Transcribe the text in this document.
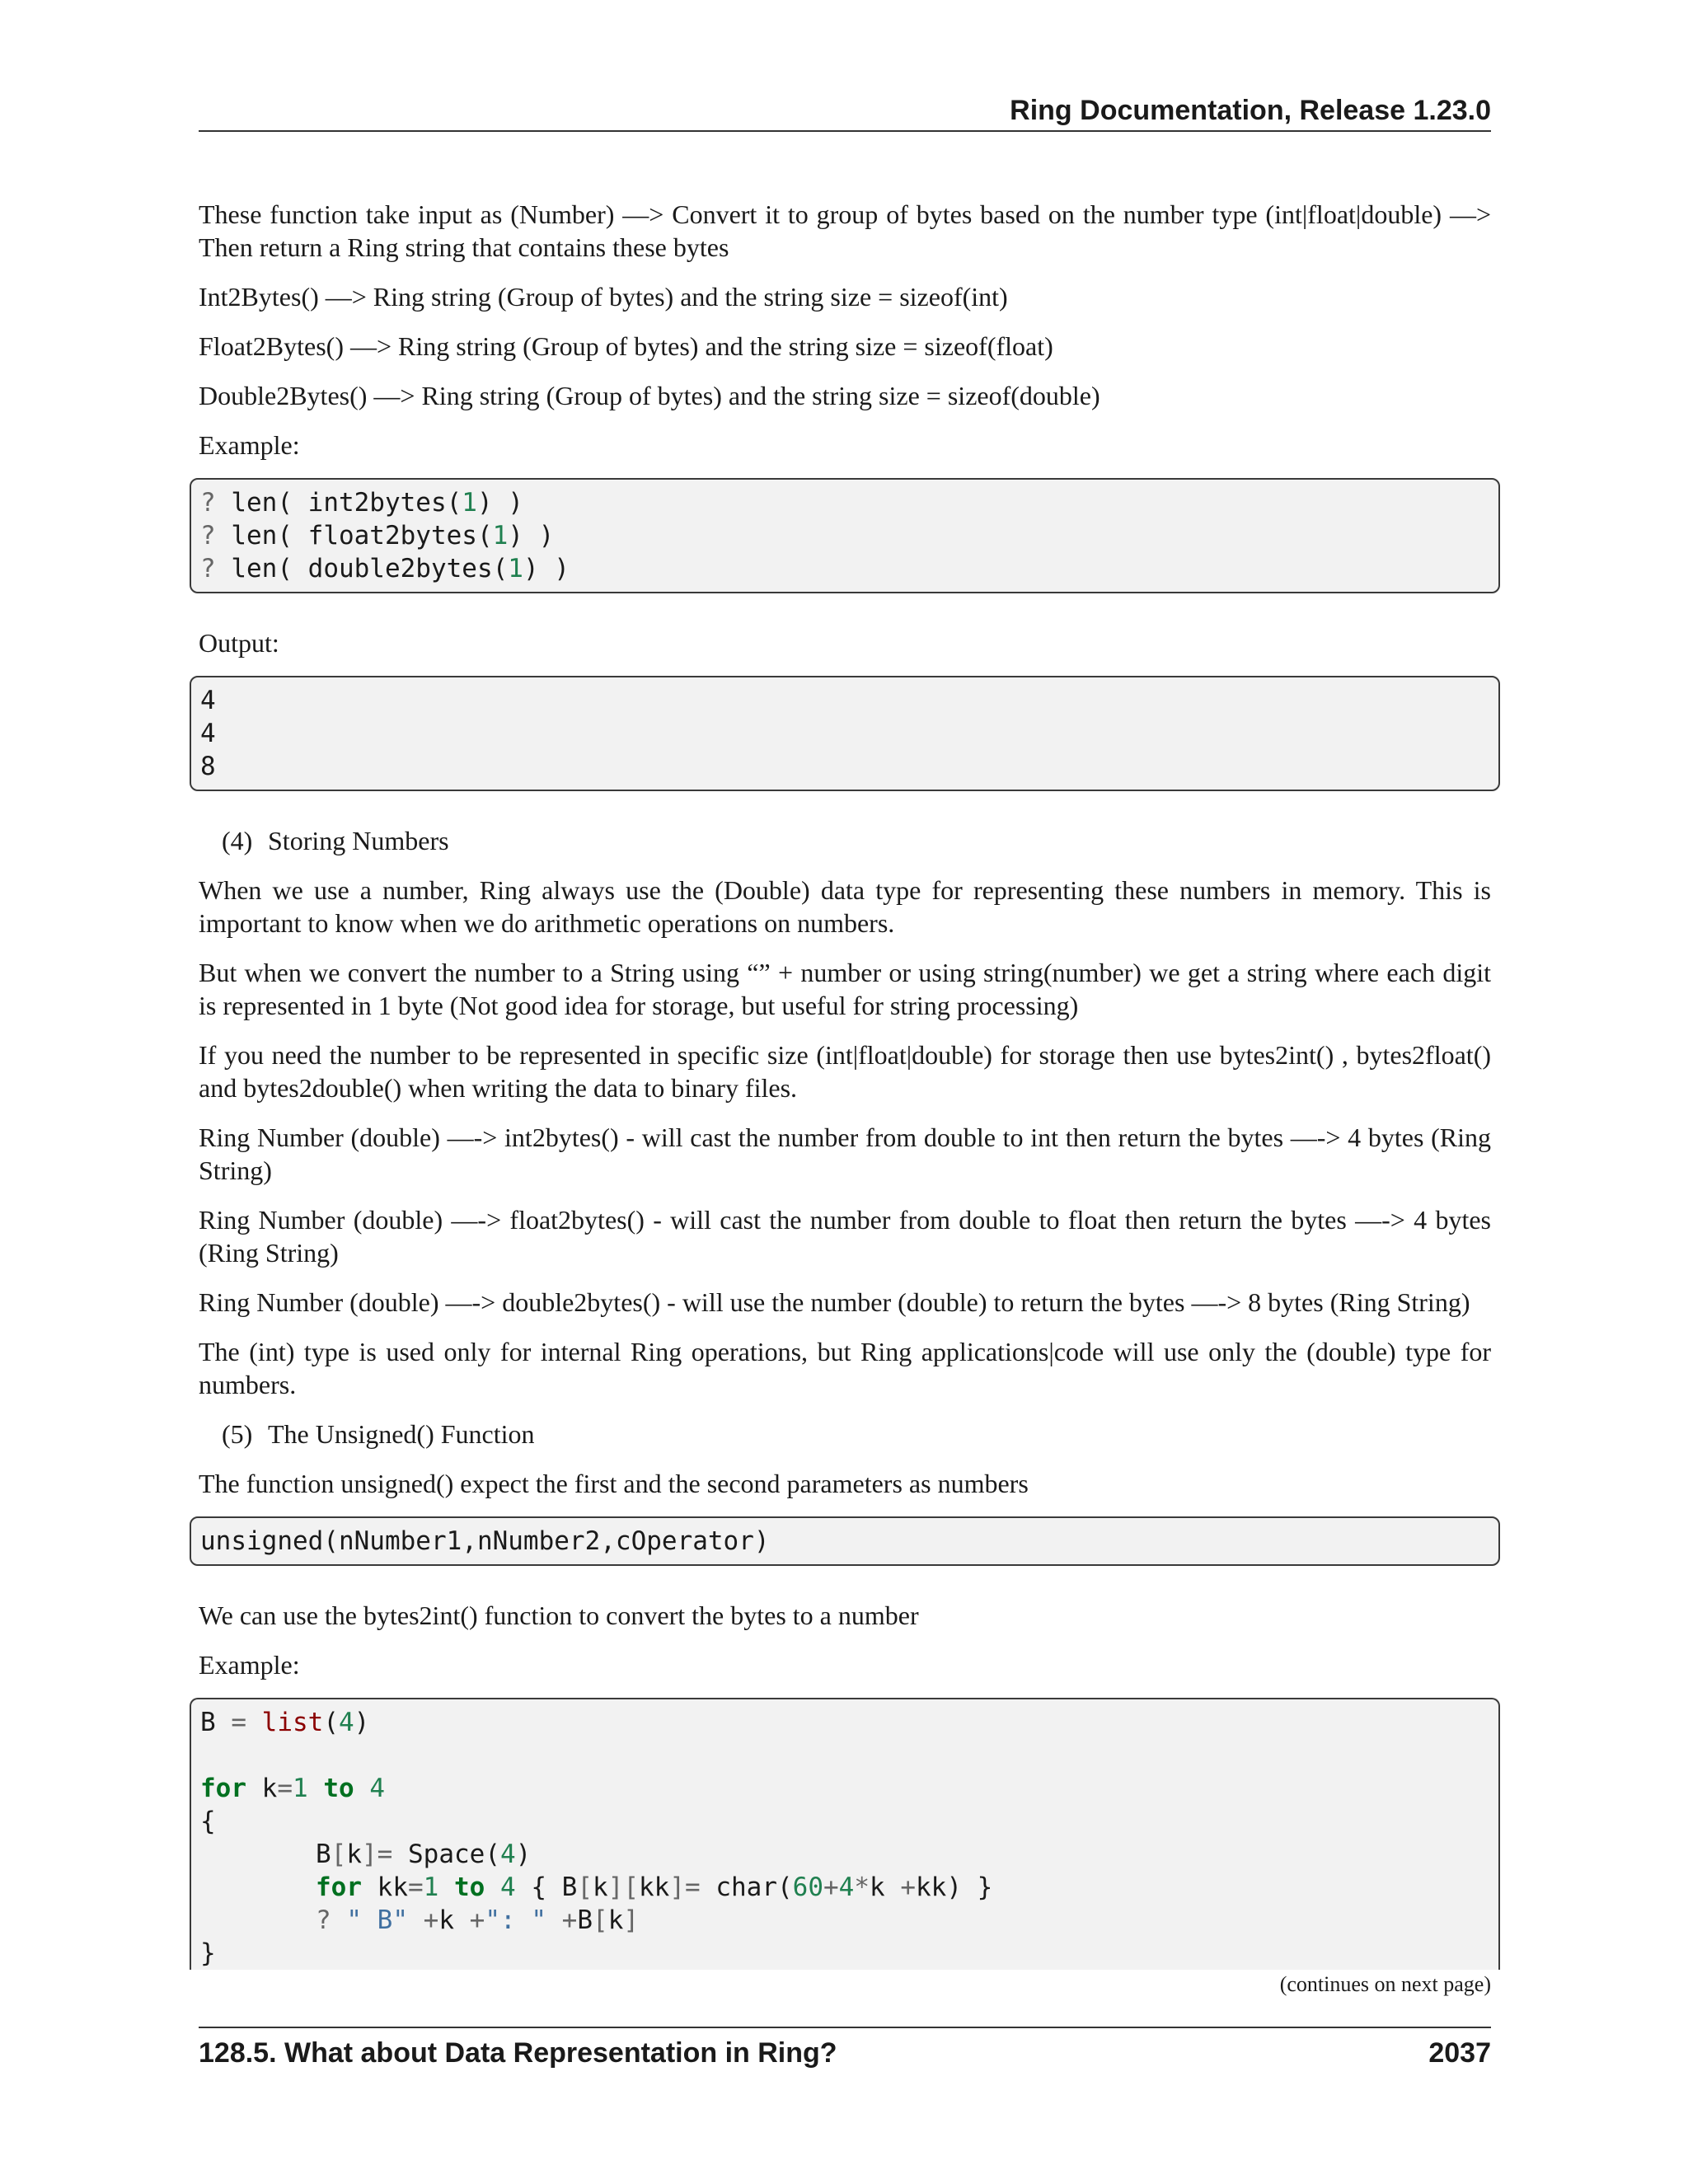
Ring Documentation, Release 1.23.0

These function take input as (Number) —> Convert it to group of bytes based on the number type (int|float|double) —> Then return a Ring string that contains these bytes

Int2Bytes() —> Ring string (Group of bytes) and the string size = sizeof(int)

Float2Bytes() —> Ring string (Group of bytes) and the string size = sizeof(float)

Double2Bytes() —> Ring string (Group of bytes) and the string size = sizeof(double)

Example:

? len( int2bytes(1) )
? len( float2bytes(1) )
? len( double2bytes(1) )

Output:

4
4
8

(4) Storing Numbers

When we use a number, Ring always use the (Double) data type for representing these numbers in memory. This is important to know when we do arithmetic operations on numbers.

But when we convert the number to a String using “” + number or using string(number) we get a string where each digit is represented in 1 byte (Not good idea for storage, but useful for string processing)

If you need the number to be represented in specific size (int|float|double) for storage then use bytes2int() , bytes2float() and bytes2double() when writing the data to binary files.

Ring Number (double) —-> int2bytes() - will cast the number from double to int then return the bytes —-> 4 bytes (Ring String)

Ring Number (double) —-> float2bytes() - will cast the number from double to float then return the bytes —-> 4 bytes (Ring String)

Ring Number (double) —-> double2bytes() - will use the number (double) to return the bytes —-> 8 bytes (Ring String)

The (int) type is used only for internal Ring operations, but Ring applications|code will use only the (double) type for numbers.

(5) The Unsigned() Function

The function unsigned() expect the first and the second parameters as numbers

unsigned(nNumber1,nNumber2,cOperator)

We can use the bytes2int() function to convert the bytes to a number

Example:

B = list(4)
for k=1 to 4
{
B[k]= Space(4)
for kk=1 to 4 { B[k][kk]= char(60+4*k +kk) }
? " B" +k +": " +B[k]
}
(continues on next page)
128.5. What about Data Representation in Ring?	2037
